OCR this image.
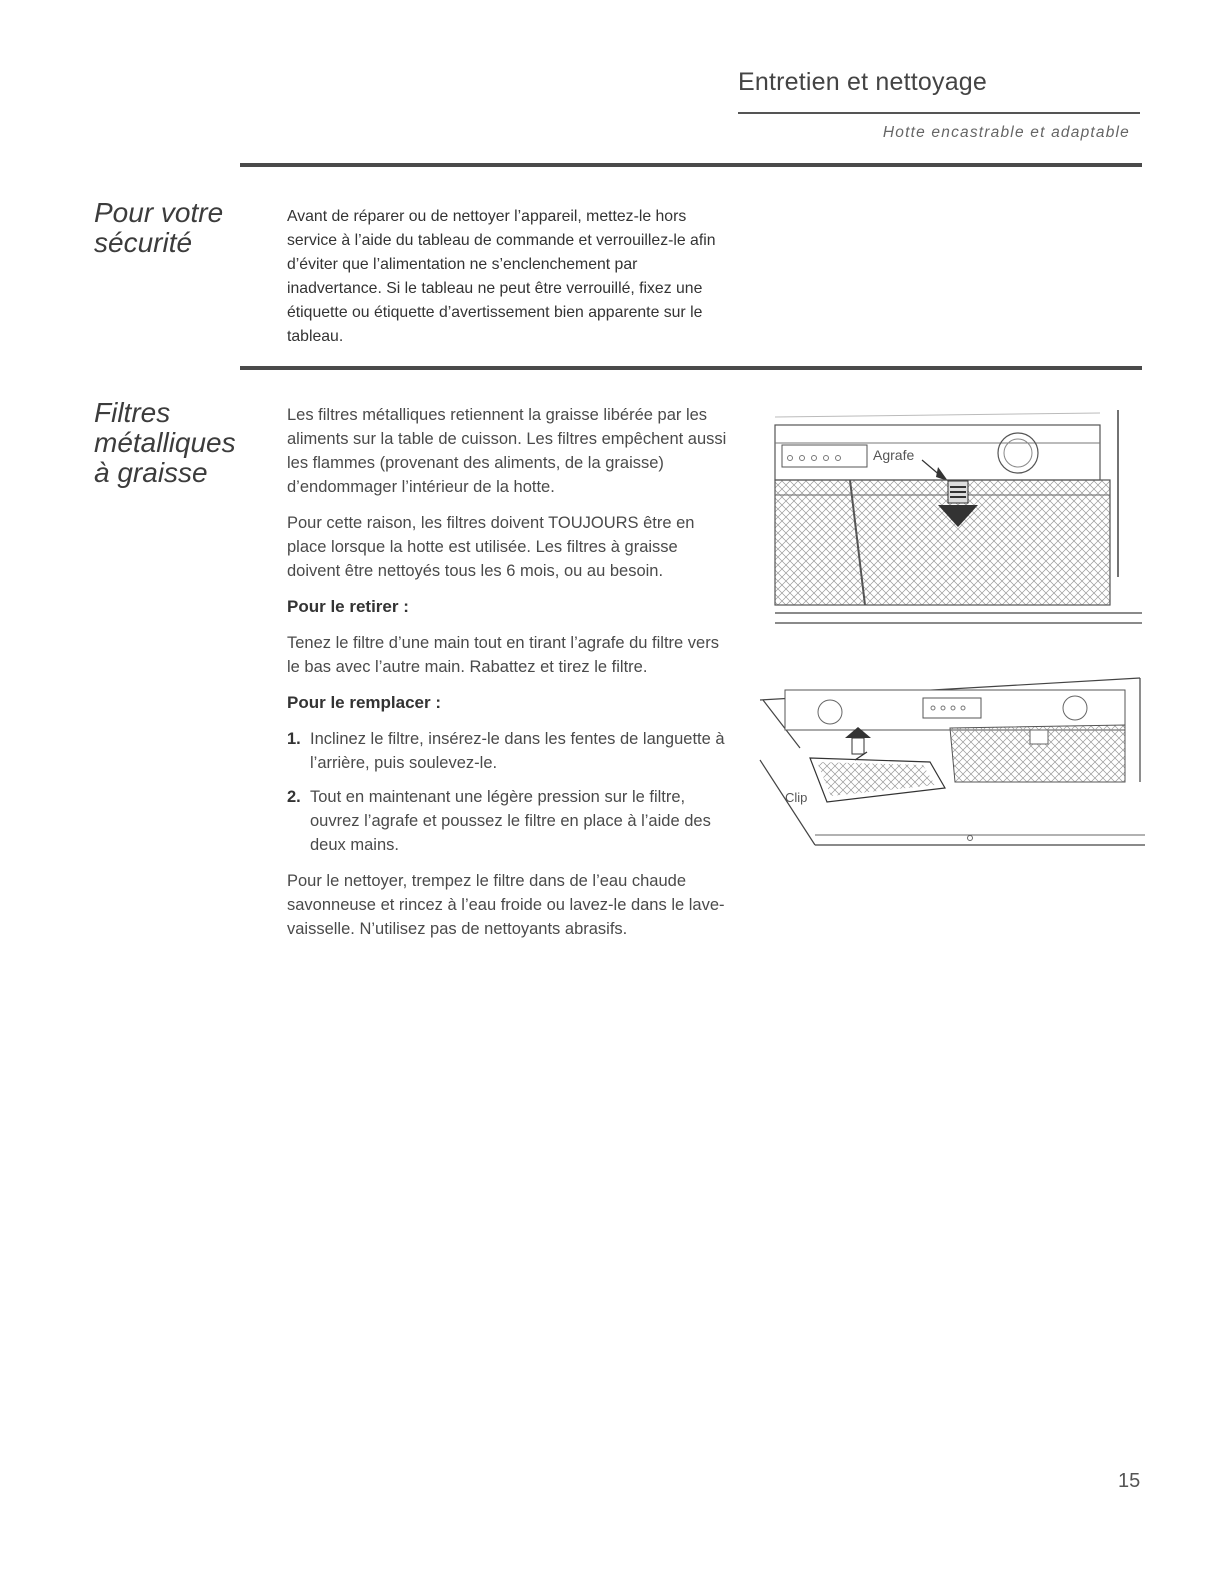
Entretien et nettoyage
Hotte encastrable et adaptable
Pour votre
sécurité
Avant de réparer ou de nettoyer l’appareil, mettez-le hors service à l’aide du tableau de commande et verrouillez-le afin d’éviter que l’alimentation ne s’enclenchement par inadvertance. Si le tableau ne peut être verrouillé, fixez une étiquette ou étiquette d’avertissement bien apparente sur le tableau.
Filtres
métalliques
à graisse

Les filtres métalliques retiennent la graisse libérée par les aliments sur la table de cuisson. Les filtres empêchent aussi les flammes (provenant des aliments, de la graisse) d’endommager l’intérieur de la hotte.

Pour cette raison, les filtres doivent TOUJOURS être en place lorsque la hotte est utilisée. Les filtres à graisse doivent être nettoyés tous les 6 mois, ou au besoin.

Pour le retirer :

Tenez le filtre d’une main tout en tirant l’agrafe du filtre vers le bas avec l’autre main. Rabattez et tirez le filtre.

Pour le remplacer :
1. Inclinez le filtre, insérez-le dans les fentes de languette à l’arrière, puis soulevez-le.
2. Tout en maintenant une légère pression sur le filtre, ouvrez l’agrafe et poussez le filtre en place à l’aide des deux mains.

Pour le nettoyer, trempez le filtre dans de l’eau chaude savonneuse et rincez à l’eau froide ou lavez-le dans le lave-vaisselle. N’utilisez pas de nettoyants abrasifs.

Agrafe
Clip
15
